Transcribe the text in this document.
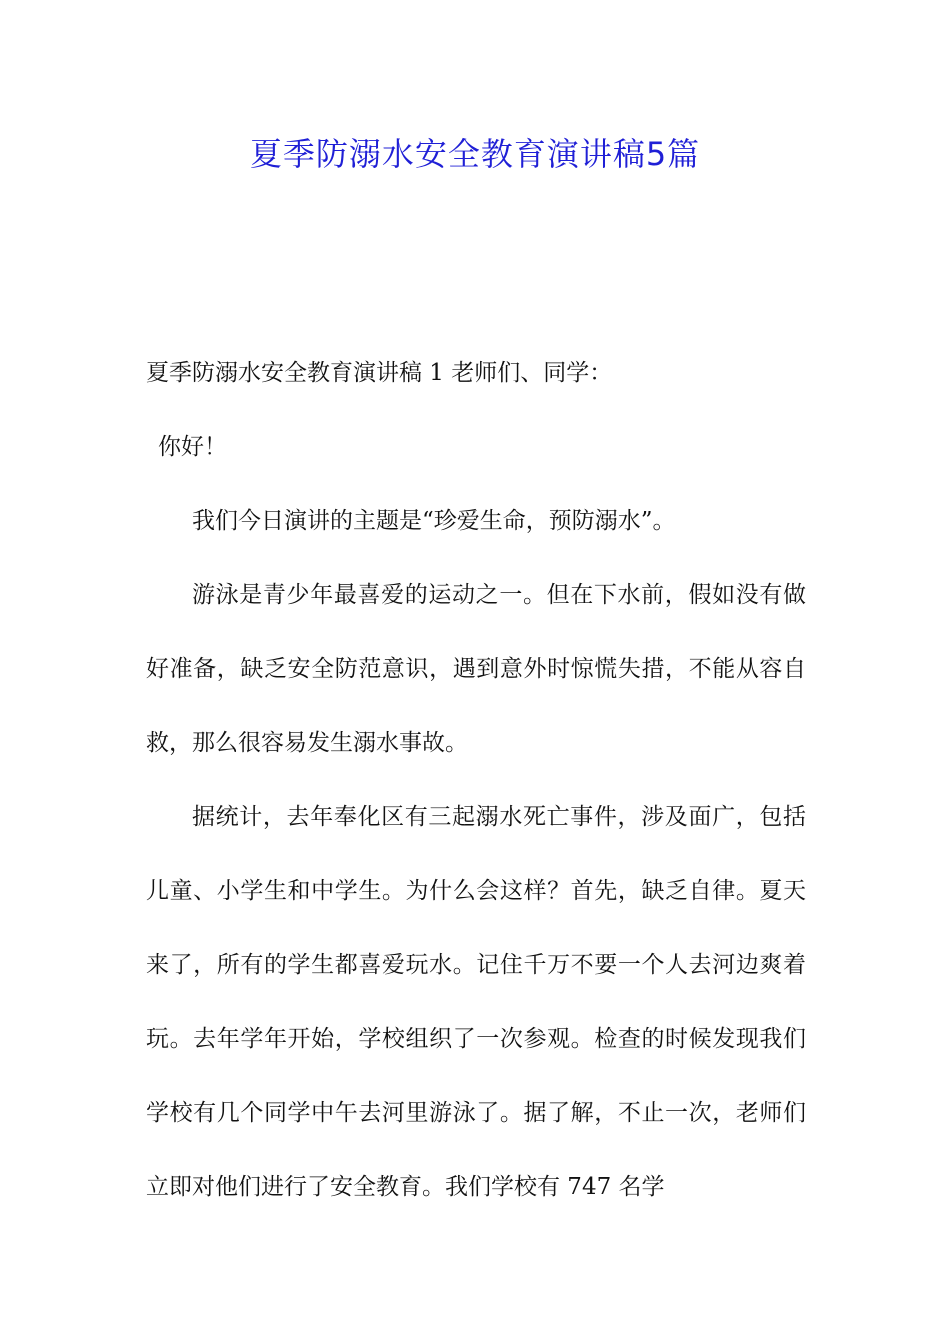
夏季防溺水安全教育演讲稿5篇

夏季防溺水安全教育演讲稿 1 老师们、同学：

你好！

我们今日演讲的主题是“珍爱生命，预防溺水”。

游泳是青少年最喜爱的运动之一。但在下水前，假如没有做好准备，缺乏安全防范意识，遇到意外时惊慌失措，不能从容自救，那么很容易发生溺水事故。

据统计，去年奉化区有三起溺水死亡事件，涉及面广，包括儿童、小学生和中学生。为什么会这样？首先，缺乏自律。夏天来了，所有的学生都喜爱玩水。记住千万不要一个人去河边爽着玩。去年学年开始，学校组织了一次参观。检查的时候发现我们学校有几个同学中午去河里游泳了。据了解，不止一次，老师们立即对他们进行了安全教育。我们学校有 747 名学
